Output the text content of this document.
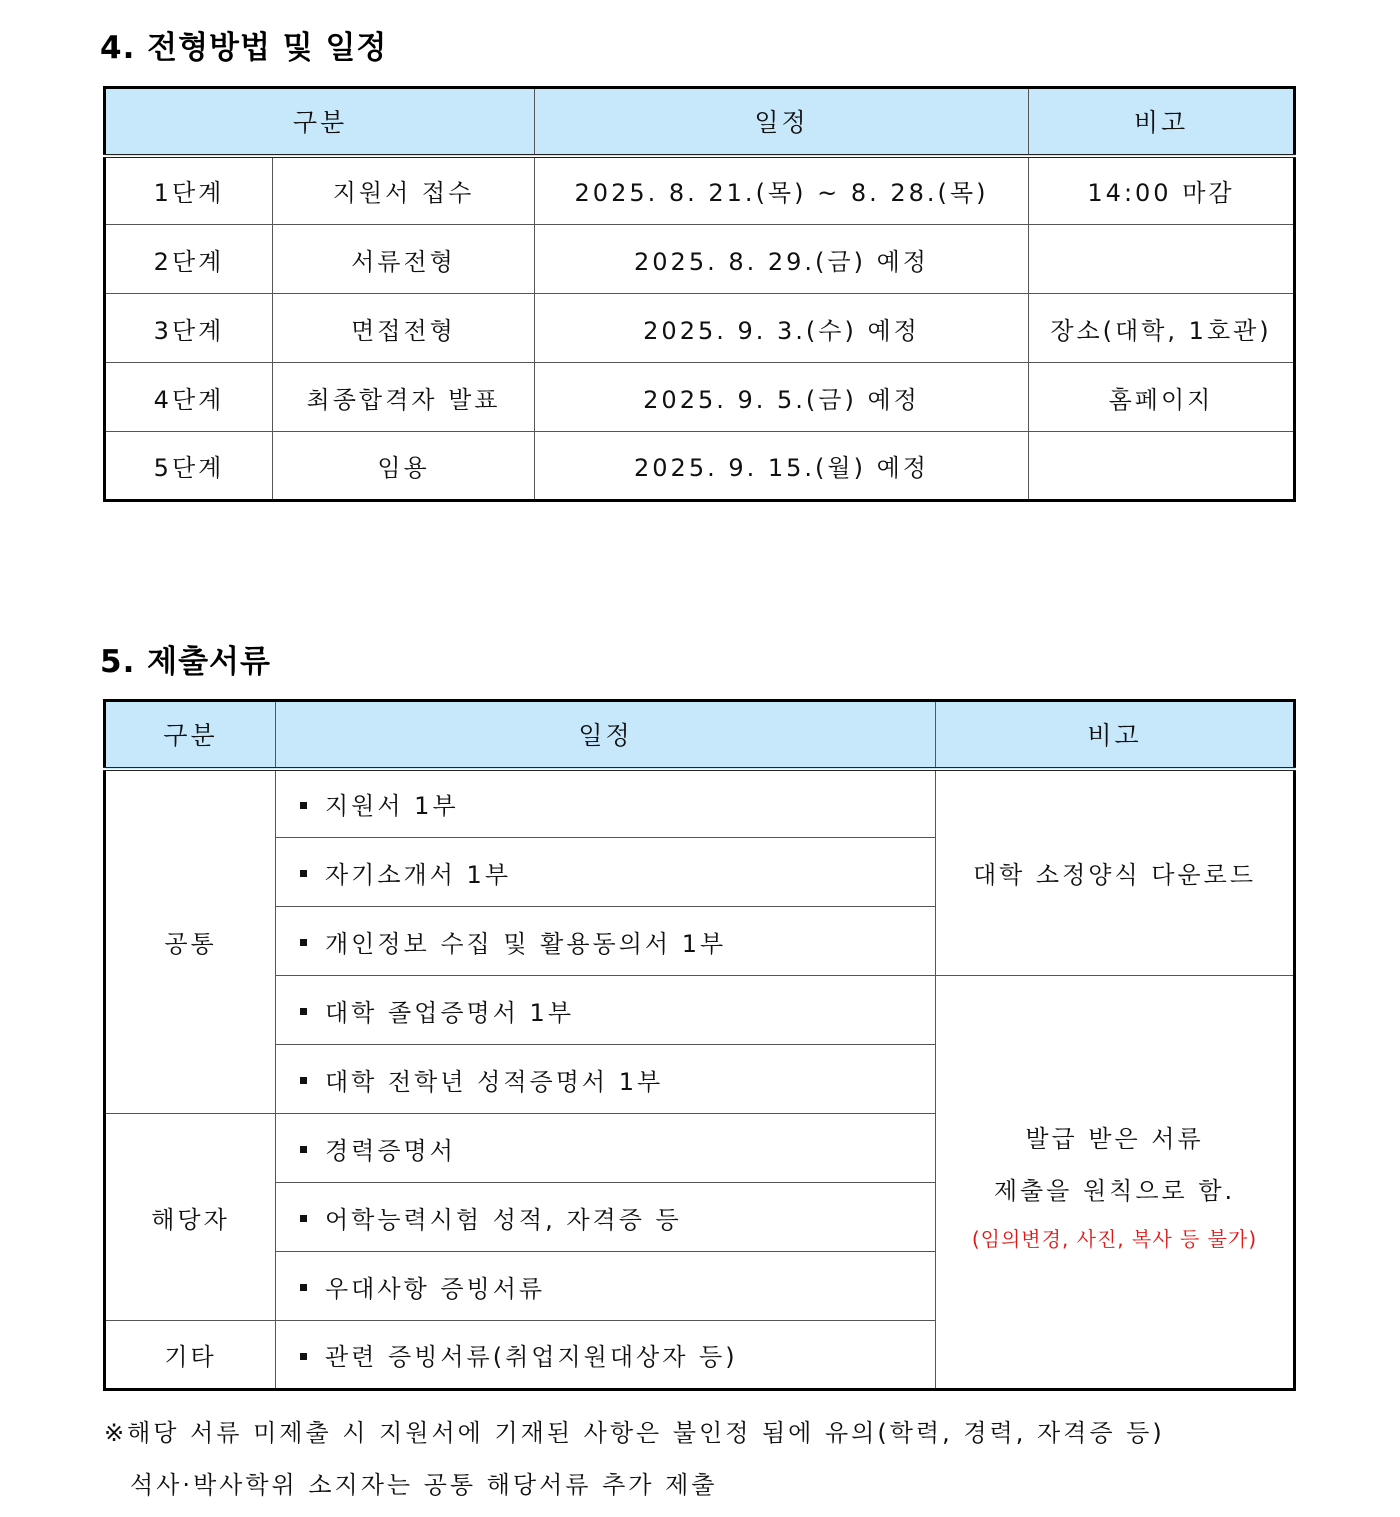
4. 전형방법 및 일정
구분		일정	비고
1단계	지원서 접수	2025. 8. 21.(목) ~ 8. 28.(목)	14:00 마감
2단계	서류전형	2025. 8. 29.(금) 예정	
3단계	면접전형	2025. 9. 3.(수) 예정	장소(대학, 1호관)
4단계	최종합격자 발표	2025. 9. 5.(금) 예정	홈페이지
5단계	임용	2025. 9. 15.(월) 예정	
5. 제출서류
구분	일정	비고
공통	지원서 1부	대학 소정양식 다운로드
	자기소개서 1부	
	개인정보 수집 및 활용동의서 1부	
	대학 졸업증명서 1부	발급 받은 서류
제출을 원칙으로 함.
(임의변경, 사진, 복사 등 불가)

	대학 전학년 성적증명서 1부	
해당자	경력증명서	
	어학능력시험 성적, 자격증 등	
	우대사항 증빙서류	
기타	관련 증빙서류(취업지원대상자 등)	

※해당 서류 미제출 시 지원서에 기재된 사항은 불인정 됨에 유의(학력, 경력, 자격증 등)

석사·박사학위 소지자는 공통 해당서류 추가 제출
